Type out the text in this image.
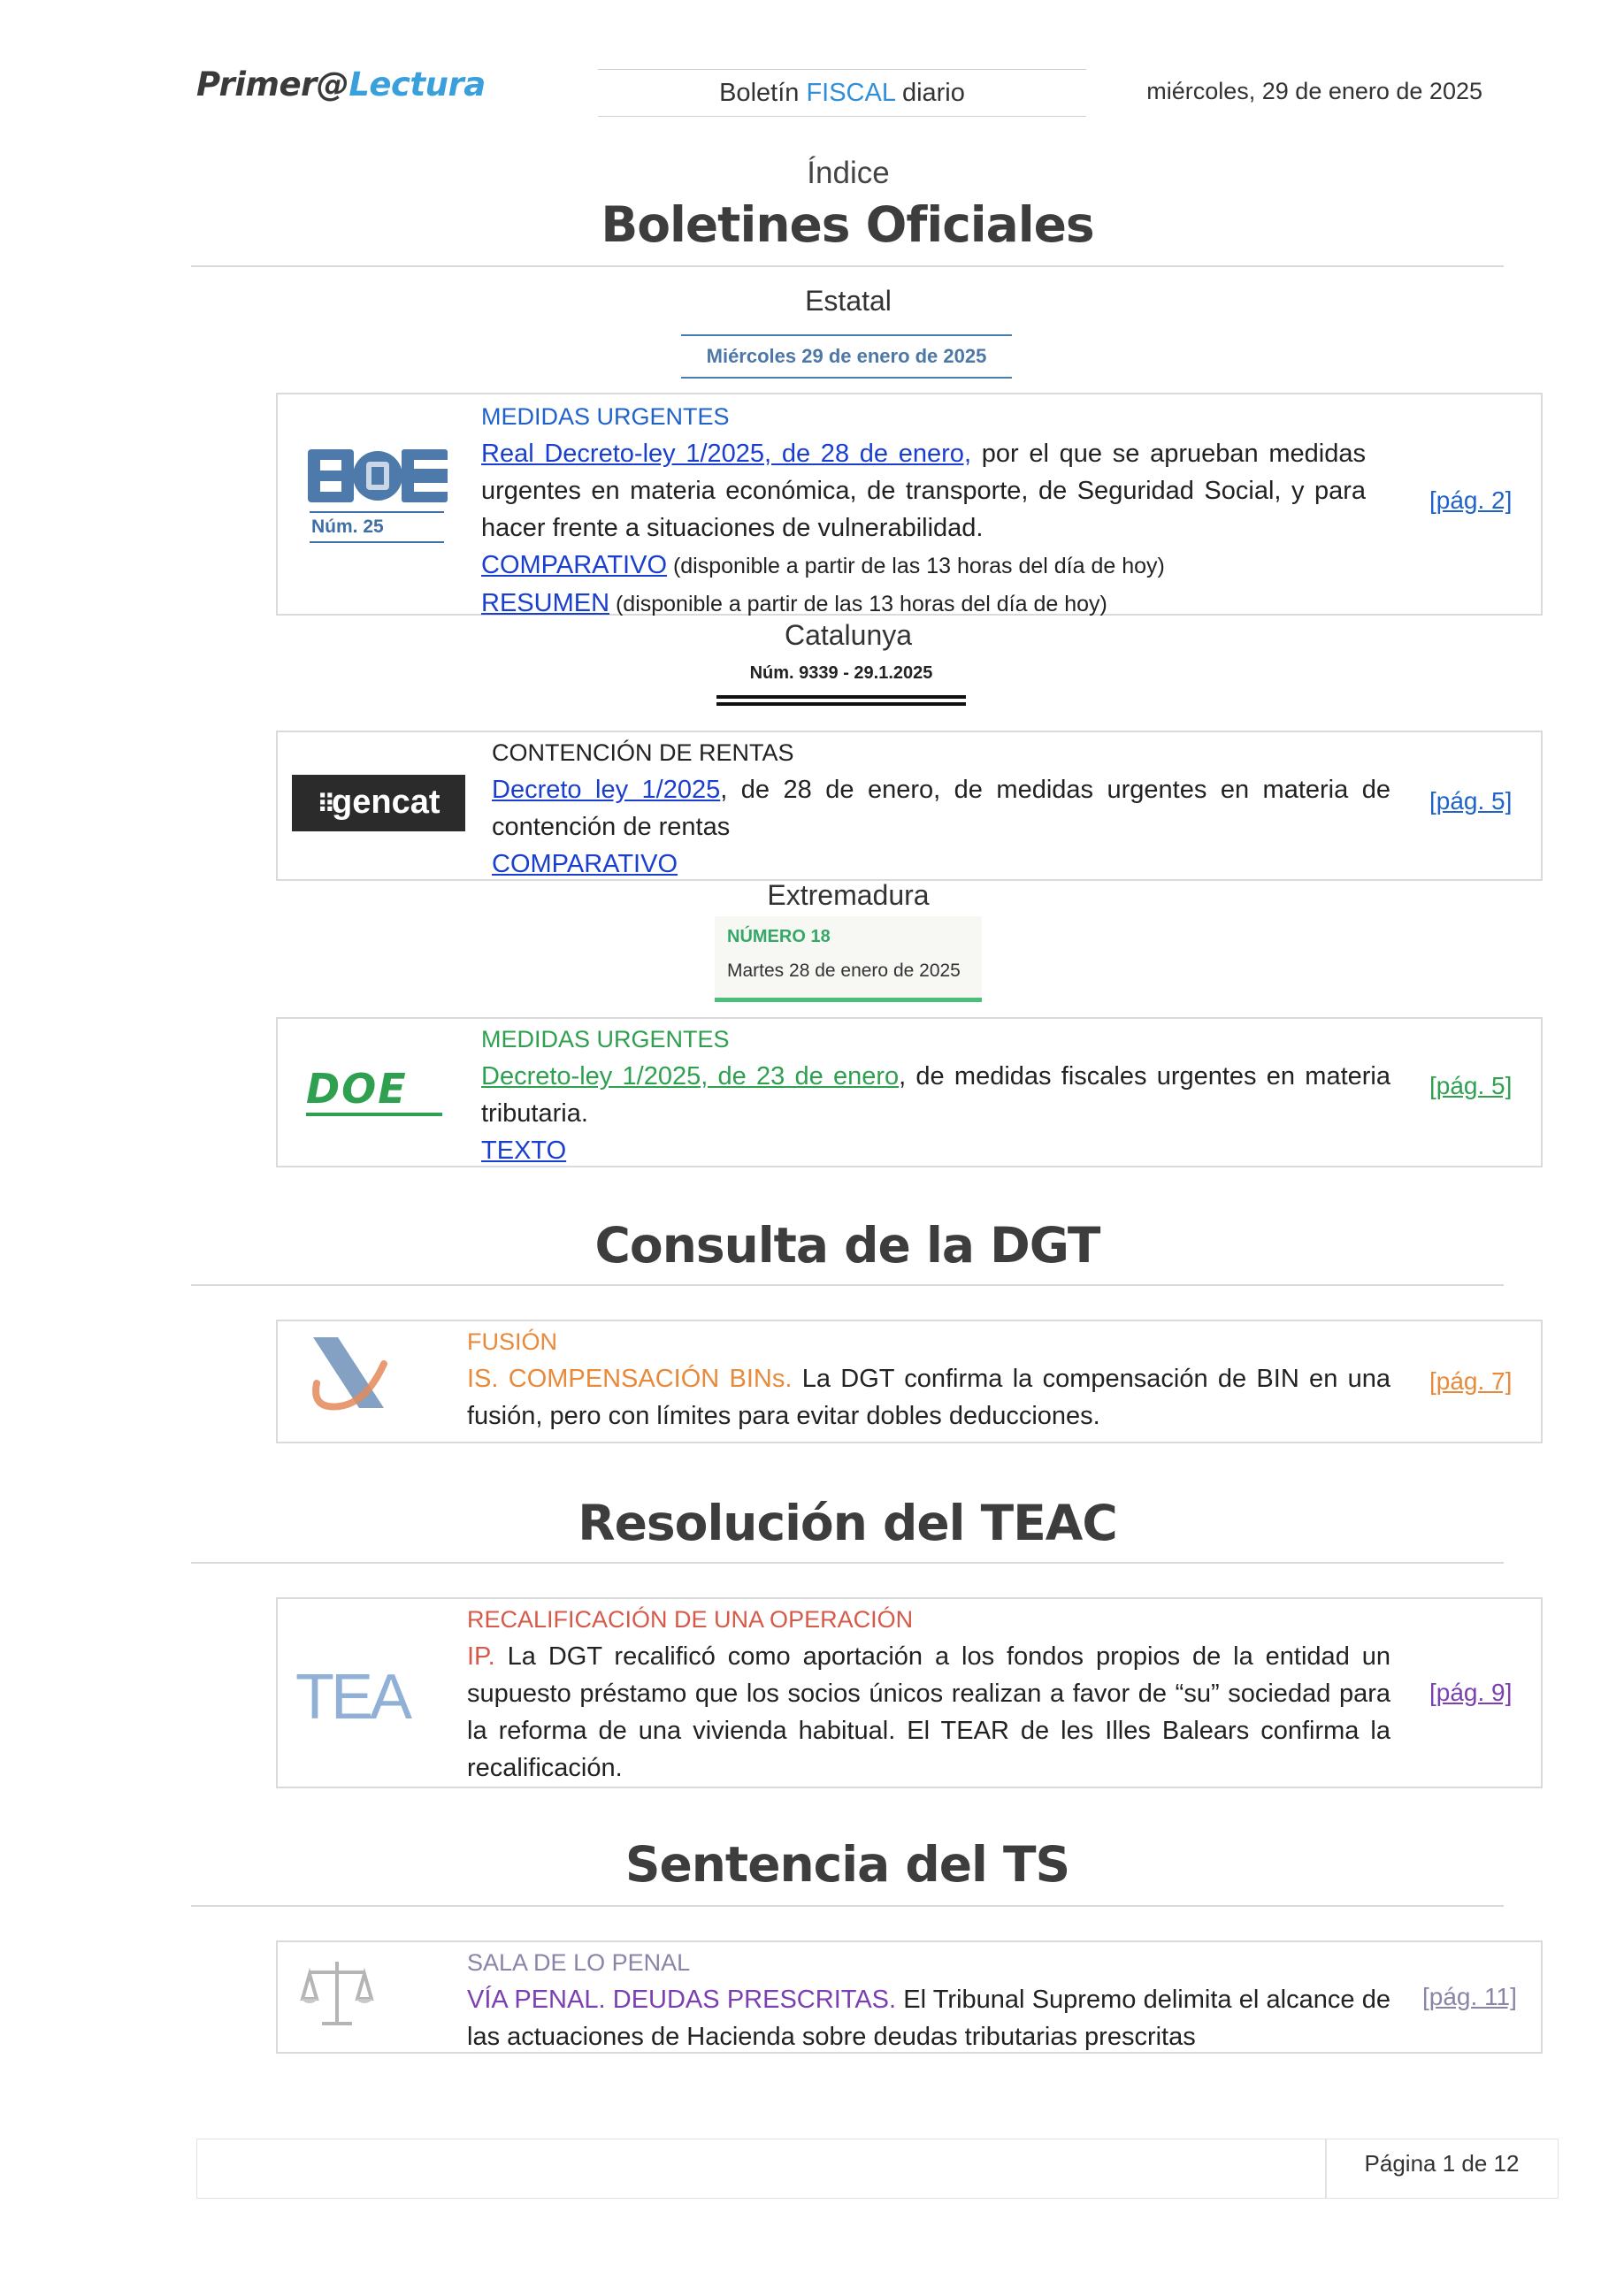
Primer@Lectura	Boletín FISCAL diario	miércoles, 29 de enero de 2025
Índice
Boletines Oficiales
Estatal
Miércoles 29 de enero de 2025
Núm. 25
MEDIDAS URGENTES
Real Decreto-ley 1/2025, de 28 de enero, por el que se aprueban medidas urgentes en materia económica, de transporte, de Seguridad Social, y para hacer frente a situaciones de vulnerabilidad.
COMPARATIVO (disponible a partir de las 13 horas del día de hoy)
RESUMEN (disponible a partir de las 13 horas del día de hoy)
[pág. 2]
Catalunya
Núm. 9339 - 29.1.2025
⠿gencat
CONTENCIÓN DE RENTAS
Decreto ley 1/2025, de 28 de enero, de medidas urgentes en materia de contención de rentas
COMPARATIVO
[pág. 5]
Extremadura
NÚMERO 18
Martes 28 de enero de 2025
DOE
MEDIDAS URGENTES
Decreto-ley 1/2025, de 23 de enero, de medidas fiscales urgentes en materia tributaria.
TEXTO
[pág. 5]
Consulta de la DGT
FUSIÓN
IS. COMPENSACIÓN BINs. La DGT confirma la compensación de BIN en una fusión, pero con límites para evitar dobles deducciones.
[pág. 7]
Resolución del TEAC
TEA
RECALIFICACIÓN DE UNA OPERACIÓN
IP. La DGT recalificó como aportación a los fondos propios de la entidad un supuesto préstamo que los socios únicos realizan a favor de “su” sociedad para la reforma de una vivienda habitual. El TEAR de les Illes Balears confirma la recalificación.
[pág. 9]
Sentencia del TS
SALA DE LO PENAL
VÍA PENAL. DEUDAS PRESCRITAS. El Tribunal Supremo delimita el alcance de las actuaciones de Hacienda sobre deudas tributarias prescritas
[pág. 11]
Página 1 de 12
